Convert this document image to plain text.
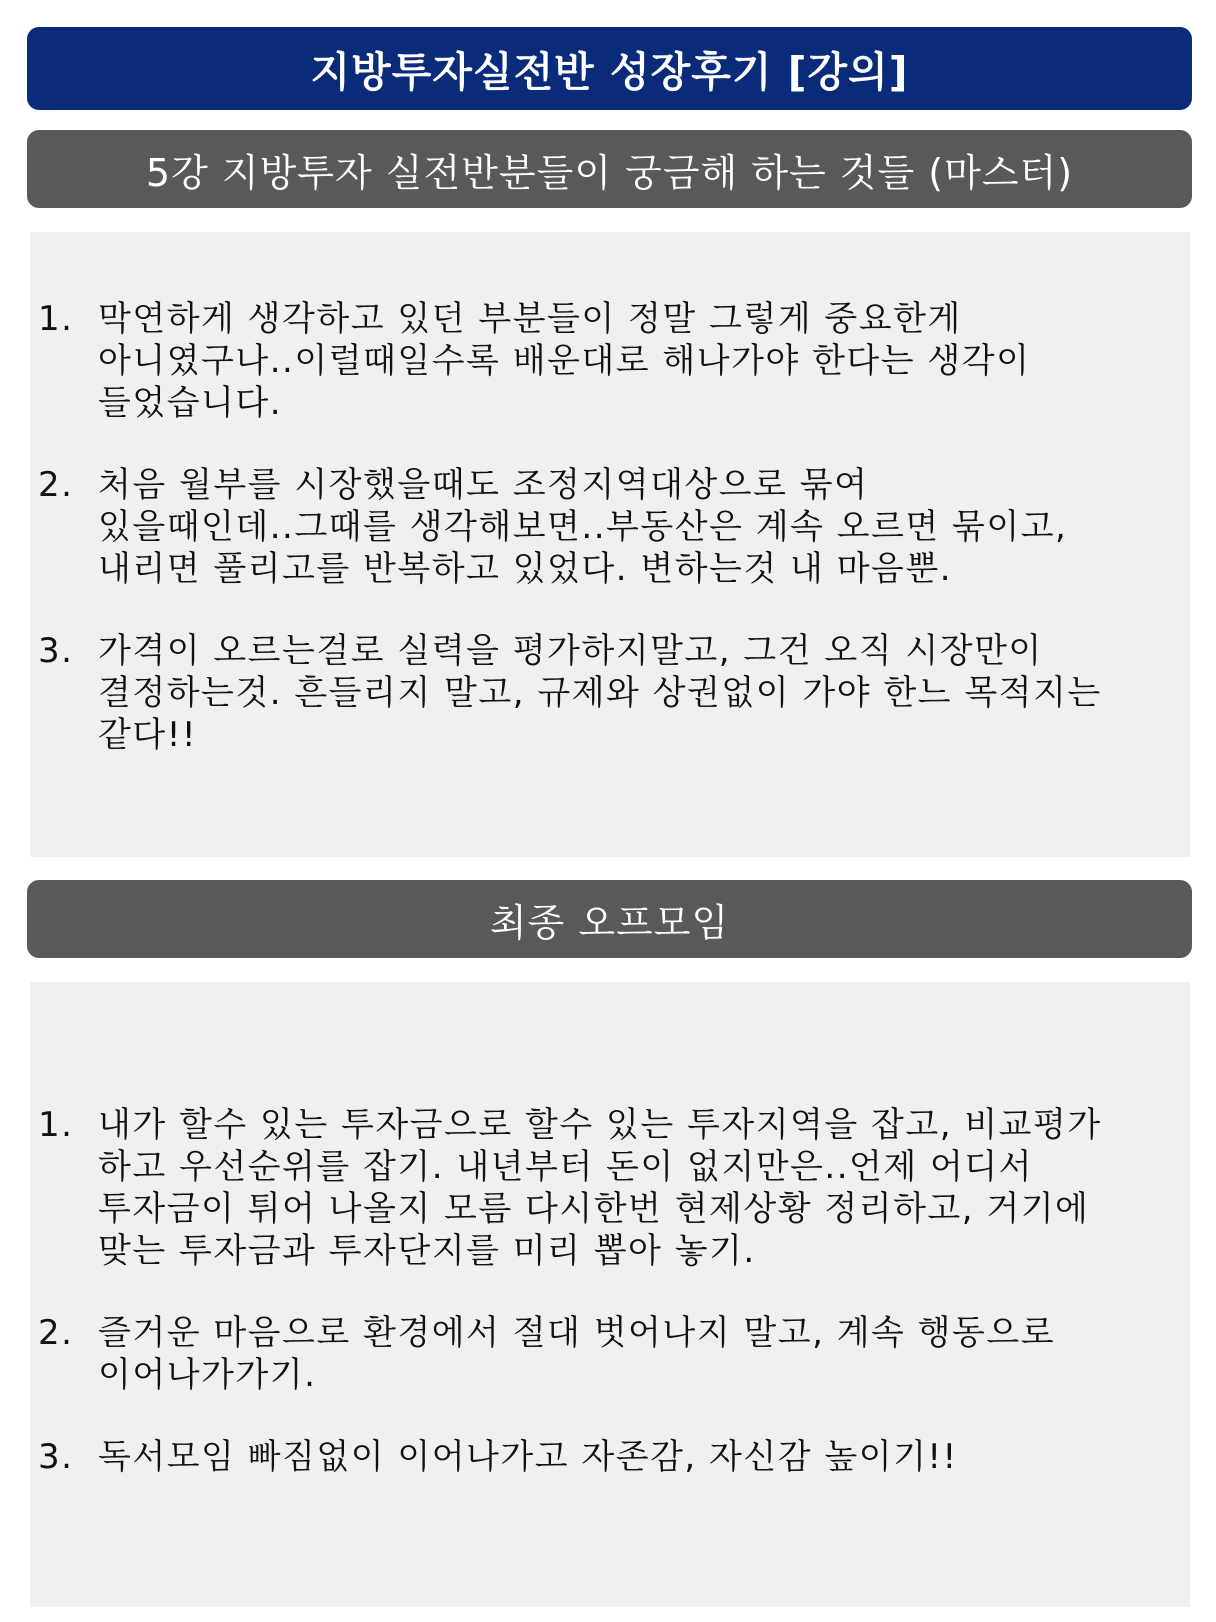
지방투자실전반 성장후기 [강의]
5강 지방투자 실전반분들이 궁금해 하는 것들 (마스터)
1. 막연하게 생각하고 있던 부분들이 정말 그렇게 중요한게
아니였구나..이럴때일수록 배운대로 해나가야 한다는 생각이
들었습니다.
2. 처음 월부를 시장했을때도 조정지역대상으로 묶여
있을때인데..그때를 생각해보면..부동산은 계속 오르면 묶이고,
내리면 풀리고를 반복하고 있었다. 변하는것 내 마음뿐.
3. 가격이 오르는걸로 실력을 평가하지말고, 그건 오직 시장만이
결정하는것. 흔들리지 말고, 규제와 상권없이 가야 한느 목적지는
같다!!
최종 오프모임
1. 내가 할수 있는 투자금으로 할수 있는 투자지역을 잡고, 비교평가
하고 우선순위를 잡기. 내년부터 돈이 없지만은..언제 어디서
투자금이 튀어 나올지 모름 다시한번 현제상황 정리하고, 거기에
맞는 투자금과 투자단지를 미리 뽑아 놓기.
2. 즐거운 마음으로 환경에서 절대 벗어나지 말고, 계속 행동으로
이어나가가기.
3. 독서모임 빠짐없이 이어나가고 자존감, 자신감 높이기!!
